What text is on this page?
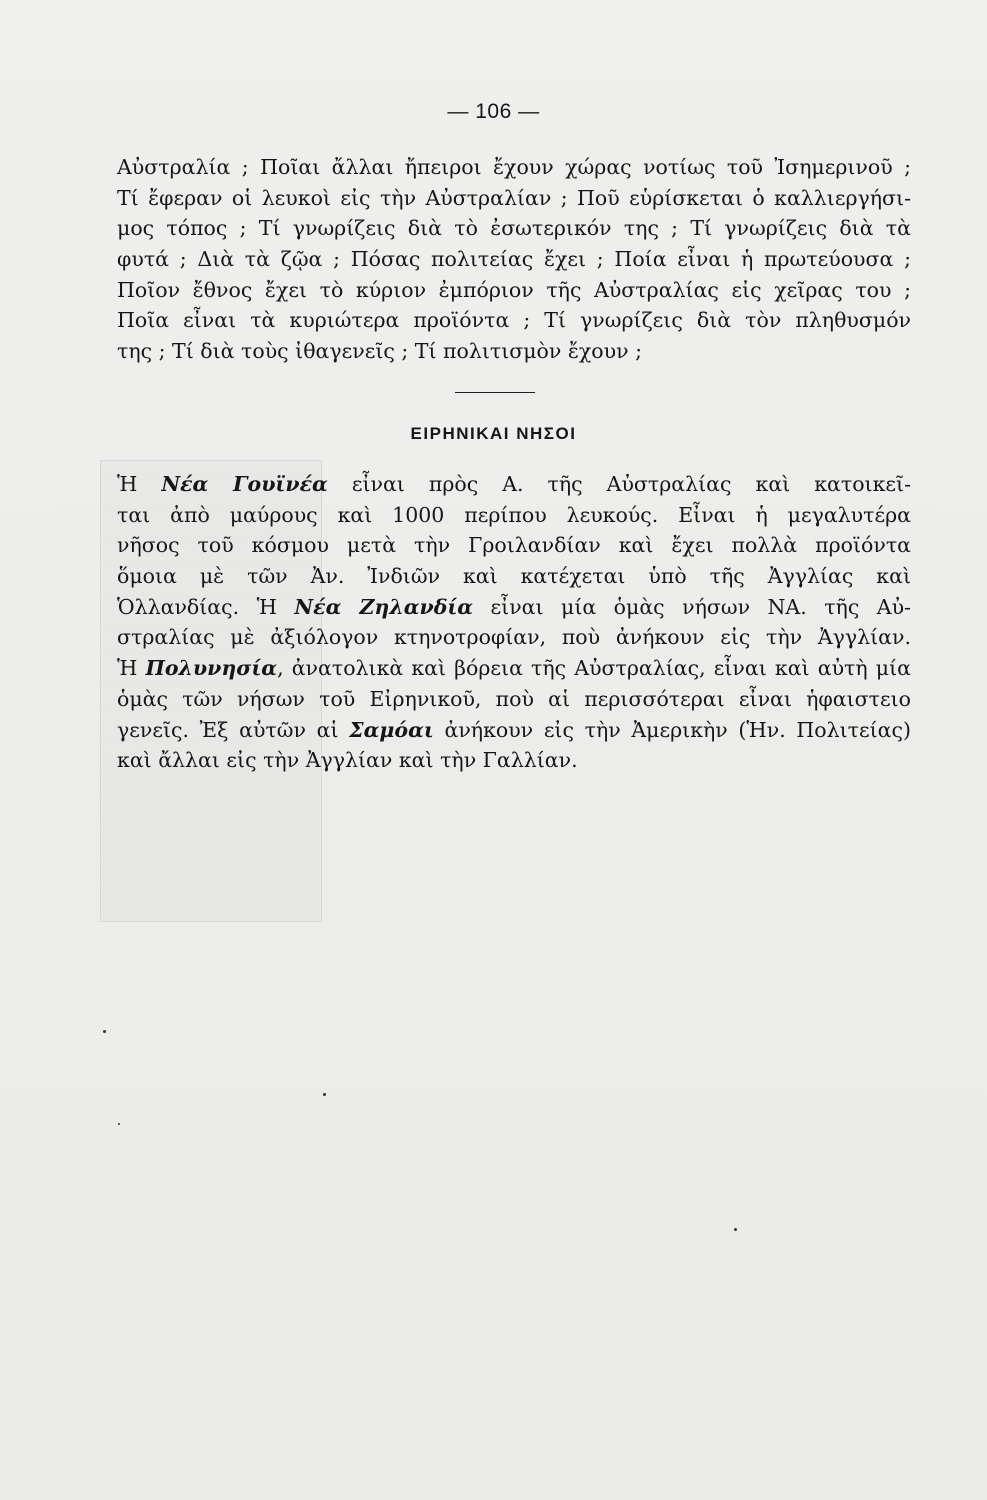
— 106 —
Αὐστραλία ; Ποῖαι ἄλλαι ἤπειροι ἔχουν χώρας νοτίως τοῦ Ἰσημερινοῦ ;
Τί ἔφεραν οἱ λευκοὶ εἰς τὴν Αὐστραλίαν ; Ποῦ εὑρίσκεται ὁ καλλιεργήσι-
μος τόπος ; Τί γνωρίζεις διὰ τὸ ἐσωτερικόν της ; Τί γνωρίζεις διὰ τὰ
φυτά ; Διὰ τὰ ζῷα ; Πόσας πολιτείας ἔχει ; Ποία εἶναι ἡ πρωτεύουσα ;
Ποῖον ἔθνος ἔχει τὸ κύριον ἐμπόριον τῆς Αὐστραλίας εἰς χεῖρας του ;
Ποῖα εἶναι τὰ κυριώτερα προϊόντα ; Τί γνωρίζεις διὰ τὸν πληθυσμόν
της ; Τί διὰ τοὺς ἰθαγενεῖς ; Τί πολιτισμὸν ἔχουν ;
ΕΙΡΗΝΙΚΑΙ ΝΗΣΟΙ
Ἡ Νέα Γουϊνέα εἶναι πρὸς Α. τῆς Αὐστραλίας καὶ κατοικεῖ-
ται ἀπὸ μαύρους καὶ 1000 περίπου λευκούς. Εἶναι ἡ μεγαλυτέρα
νῆσος τοῦ κόσμου μετὰ τὴν Γροιλανδίαν καὶ ἔχει πολλὰ προϊόντα
ὅμοια μὲ τῶν Ἀν. Ἰνδιῶν καὶ κατέχεται ὑπὸ τῆς Ἀγγλίας καὶ
Ὁλλανδίας. Ἡ Νέα Ζηλανδία εἶναι μία ὁμὰς νήσων ΝΑ. τῆς Αὐ-
στραλίας μὲ ἀξιόλογον κτηνοτροφίαν, ποὺ ἀνήκουν εἰς τὴν Ἀγγλίαν.
Ἡ Πολυνησία, ἀνατολικὰ καὶ βόρεια τῆς Αὐστραλίας, εἶναι καὶ αὐτὴ μία
ὁμὰς τῶν νήσων τοῦ Εἰρηνικοῦ, ποὺ αἱ περισσότεραι εἶναι ἡφαιστειο
γενεῖς. Ἐξ αὐτῶν αἱ Σαμόαι ἀνήκουν εἰς τὴν Ἀμερικὴν (Ἡν. Πολιτείας)
καὶ ἄλλαι εἰς τὴν Ἀγγλίαν καὶ τὴν Γαλλίαν.
